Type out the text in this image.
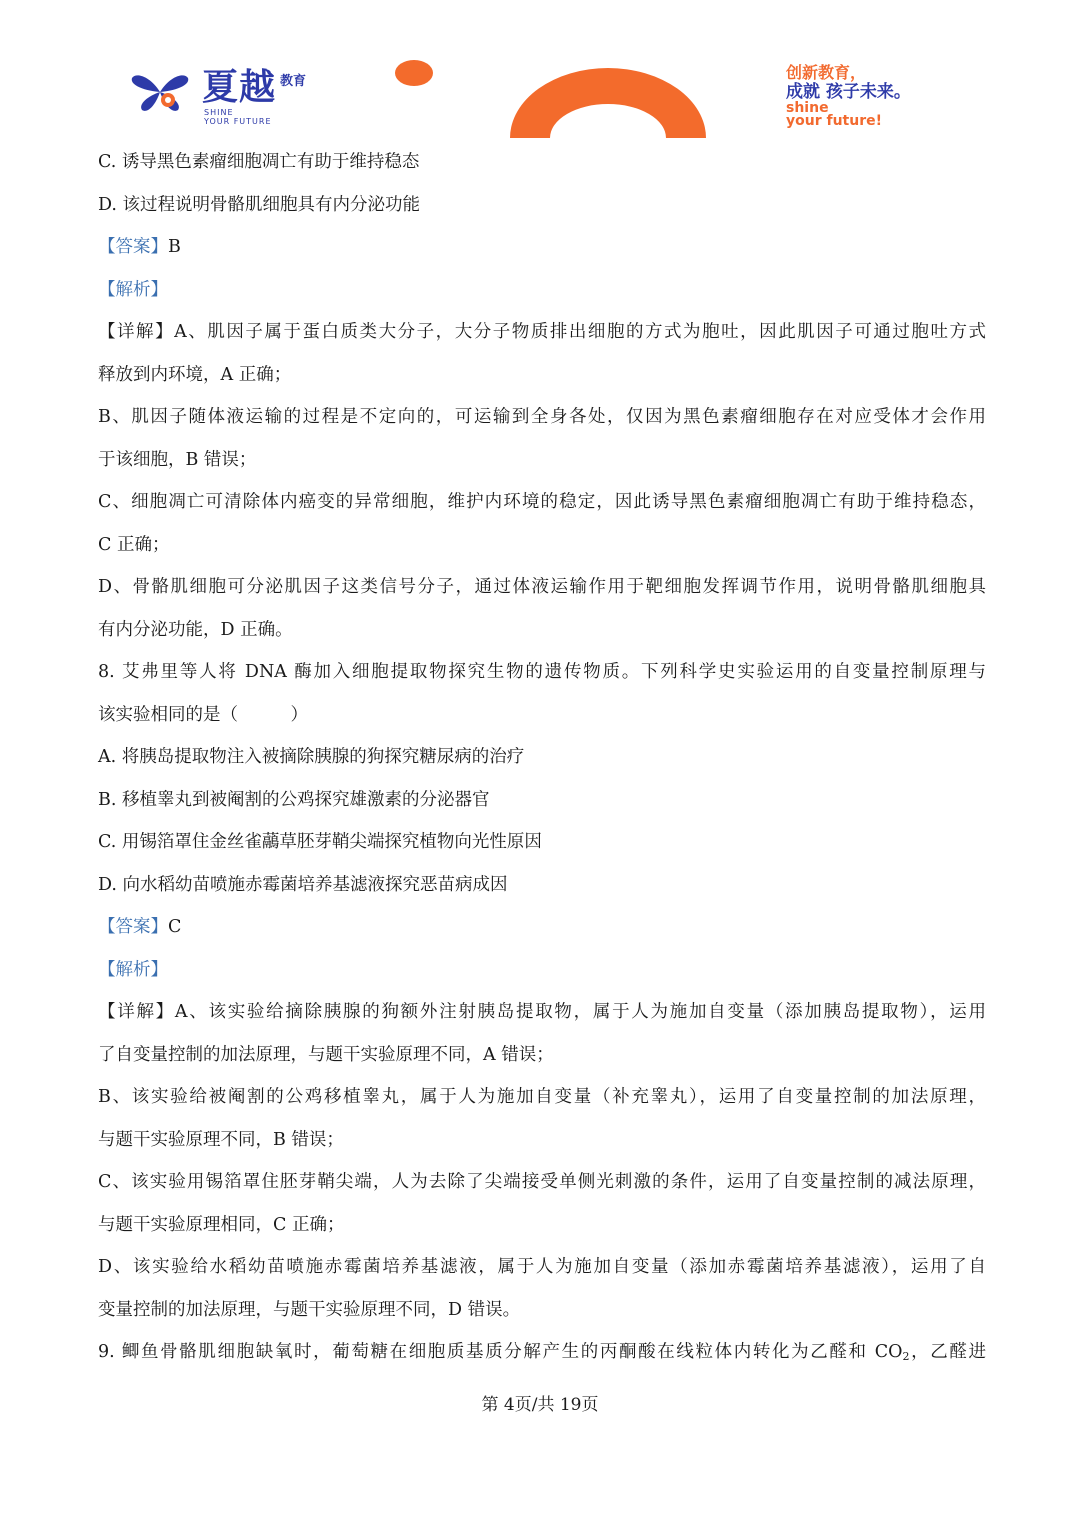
夏越 教育
SHINE
YOUR FUTURE
创新教育，
成就 孩子未来。
shine
your future!
C. 诱导黑色素瘤细胞凋亡有助于维持稳态
D. 该过程说明骨骼肌细胞具有内分泌功能
【答案】B
【解析】
【详解】A、肌因子属于蛋白质类大分子，大分子物质排出细胞的方式为胞吐，因此肌因子可通过胞吐方式
释放到内环境，A 正确；
B、肌因子随体液运输的过程是不定向的，可运输到全身各处，仅因为黑色素瘤细胞存在对应受体才会作用
于该细胞，B 错误；
C、细胞凋亡可清除体内癌变的异常细胞，维护内环境的稳定，因此诱导黑色素瘤细胞凋亡有助于维持稳态，
C 正确；
D、骨骼肌细胞可分泌肌因子这类信号分子，通过体液运输作用于靶细胞发挥调节作用，说明骨骼肌细胞具
有内分泌功能，D 正确。
8. 艾弗里等人将 DNA 酶加入细胞提取物探究生物的遗传物质。下列科学史实验运用的自变量控制原理与
该实验相同的是（　　　）
A. 将胰岛提取物注入被摘除胰腺的狗探究糖尿病的治疗
B. 移植睾丸到被阉割的公鸡探究雄激素的分泌器官
C. 用锡箔罩住金丝雀虉草胚芽鞘尖端探究植物向光性原因
D. 向水稻幼苗喷施赤霉菌培养基滤液探究恶苗病成因
【答案】C
【解析】
【详解】A、该实验给摘除胰腺的狗额外注射胰岛提取物，属于人为施加自变量（添加胰岛提取物），运用
了自变量控制的加法原理，与题干实验原理不同，A 错误；
B、该实验给被阉割的公鸡移植睾丸，属于人为施加自变量（补充睾丸），运用了自变量控制的加法原理，
与题干实验原理不同，B 错误；
C、该实验用锡箔罩住胚芽鞘尖端，人为去除了尖端接受单侧光刺激的条件，运用了自变量控制的减法原理，
与题干实验原理相同，C 正确；
D、该实验给水稻幼苗喷施赤霉菌培养基滤液，属于人为施加自变量（添加赤霉菌培养基滤液），运用了自
变量控制的加法原理，与题干实验原理不同，D 错误。
9. 鲫鱼骨骼肌细胞缺氧时，葡萄糖在细胞质基质分解产生的丙酮酸在线粒体内转化为乙醛和 $CO_2$，乙醛进
第 4页/共 19页
